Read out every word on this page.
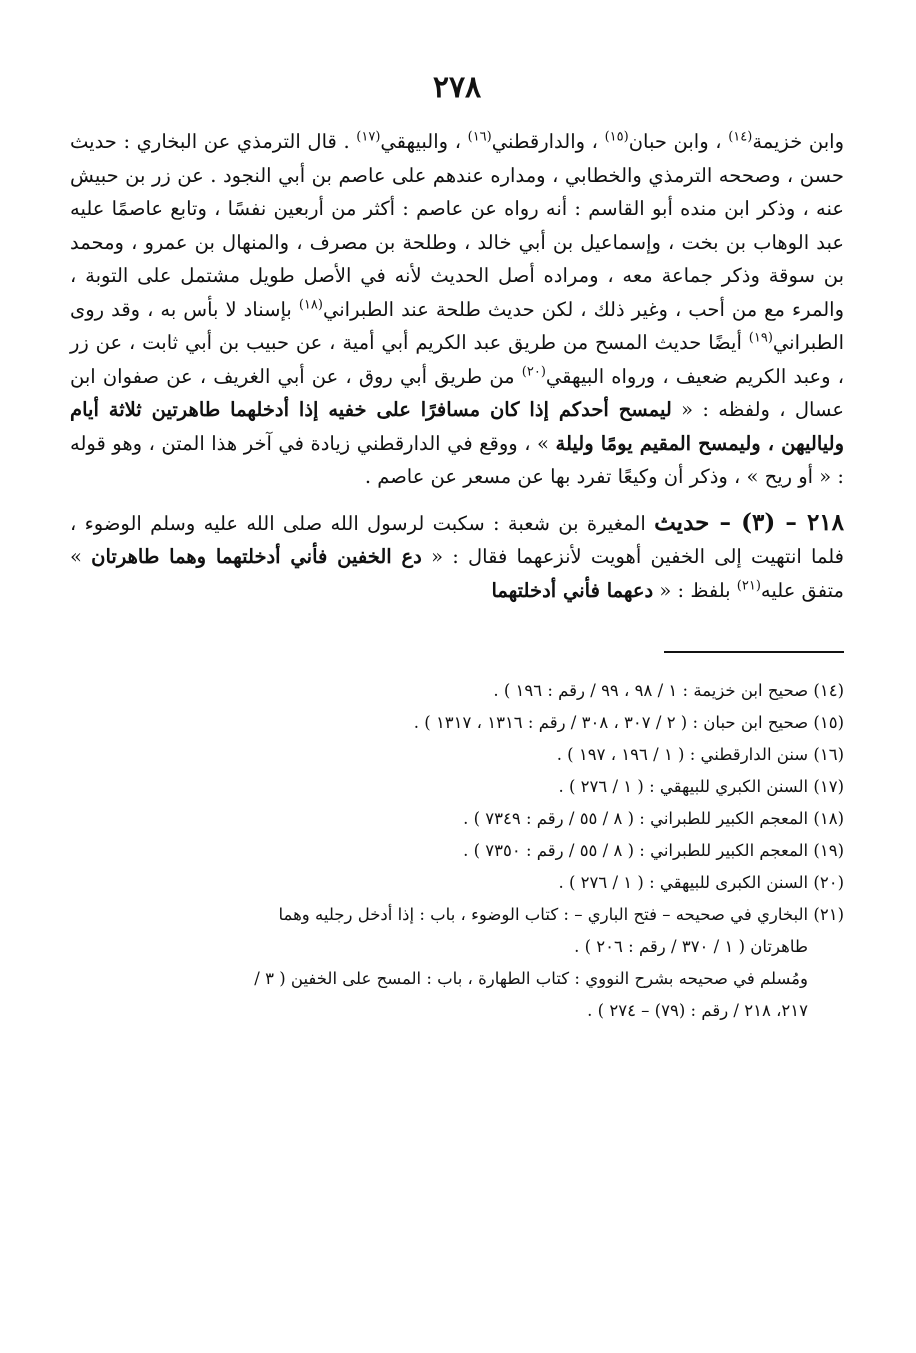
٢٧٨

وابن خزيمة$^{(١٤)}$ ، وابن حبان$^{(١٥)}$ ، والدارقطني$^{(١٦)}$ ، والبيهقي$^{(١٧)}$ . قال الترمذي عن البخاري : حديث حسن ، وصححه الترمذي والخطابي ، ومداره عندهم على عاصم بن أبي النجود . عن زر بن حبيش عنه ، وذكر ابن منده أبو القاسم : أنه رواه عن عاصم : أكثر من أربعين نفسًا ، وتابع عاصمًا عليه عبد الوهاب بن بخت ، وإسماعيل بن أبي خالد ، وطلحة بن مصرف ، والمنهال بن عمرو ، ومحمد بن سوقة وذكر جماعة معه ، ومراده أصل الحديث لأنه في الأصل طويل مشتمل على التوبة ، والمرء مع من أحب ، وغير ذلك ، لكن حديث طلحة عند الطبراني$^{(١٨)}$ بإسناد لا بأس به ، وقد روى الطبراني$^{(١٩)}$ أيضًا حديث المسح من طريق عبد الكريم أبي أمية ، عن حبيب بن أبي ثابت ، عن زر ، وعبد الكريم ضعيف ، ورواه البيهقي$^{(٢٠)}$ من طريق أبي روق ، عن أبي الغريف ، عن صفوان ابن عسال ، ولفظه : « ليمسح أحدكم إذا كان مسافرًا على خفيه إذا أدخلهما طاهرتين ثلاثة أيام ولياليهن ، وليمسح المقيم يومًا وليلة » ، ووقع في الدارقطني زيادة في آخر هذا المتن ، وهو قوله : « أو ريح » ، وذكر أن وكيعًا تفرد بها عن مسعر عن عاصم .

٢١٨ – (٣) – حديث المغيرة بن شعبة : سكبت لرسول الله صلى الله عليه وسلم الوضوء ، فلما انتهيت إلى الخفين أهويت لأنزعهما فقال : « دع الخفين فأني أدخلتهما وهما طاهرتان » متفق عليه$^{(٢١)}$ بلفظ : « دعهما فأني أدخلتهما

(١٤) صحيح ابن خزيمة : ١ / ٩٨ ، ٩٩ / رقم : ١٩٦ ) .

(١٥) صحيح ابن حبان : ( ٢ / ٣٠٧ ، ٣٠٨ / رقم : ١٣١٦ ، ١٣١٧ ) .

(١٦) سنن الدارقطني : ( ١ / ١٩٦ ، ١٩٧ ) .

(١٧) السنن الكبري للبيهقي : ( ١ / ٢٧٦ ) .

(١٨) المعجم الكبير للطبراني : ( ٨ / ٥٥ / رقم : ٧٣٤٩ ) .

(١٩) المعجم الكبير للطبراني : ( ٨ / ٥٥ / رقم : ٧٣٥٠ ) .

(٢٠) السنن الكبرى للبيهقي : ( ١ / ٢٧٦ ) .

(٢١) البخاري في صحيحه – فتح الباري – : كتاب الوضوء ، باب : إذا أدخل رجليه وهما

طاهرتان ( ١ / ٣٧٠ / رقم : ٢٠٦ ) .

ومُسلم في صحيحه بشرح النووي : كتاب الطهارة ، باب : المسح على الخفين ( ٣ /

٢١٧، ٢١٨ / رقم : (٧٩) – ٢٧٤ ) .
